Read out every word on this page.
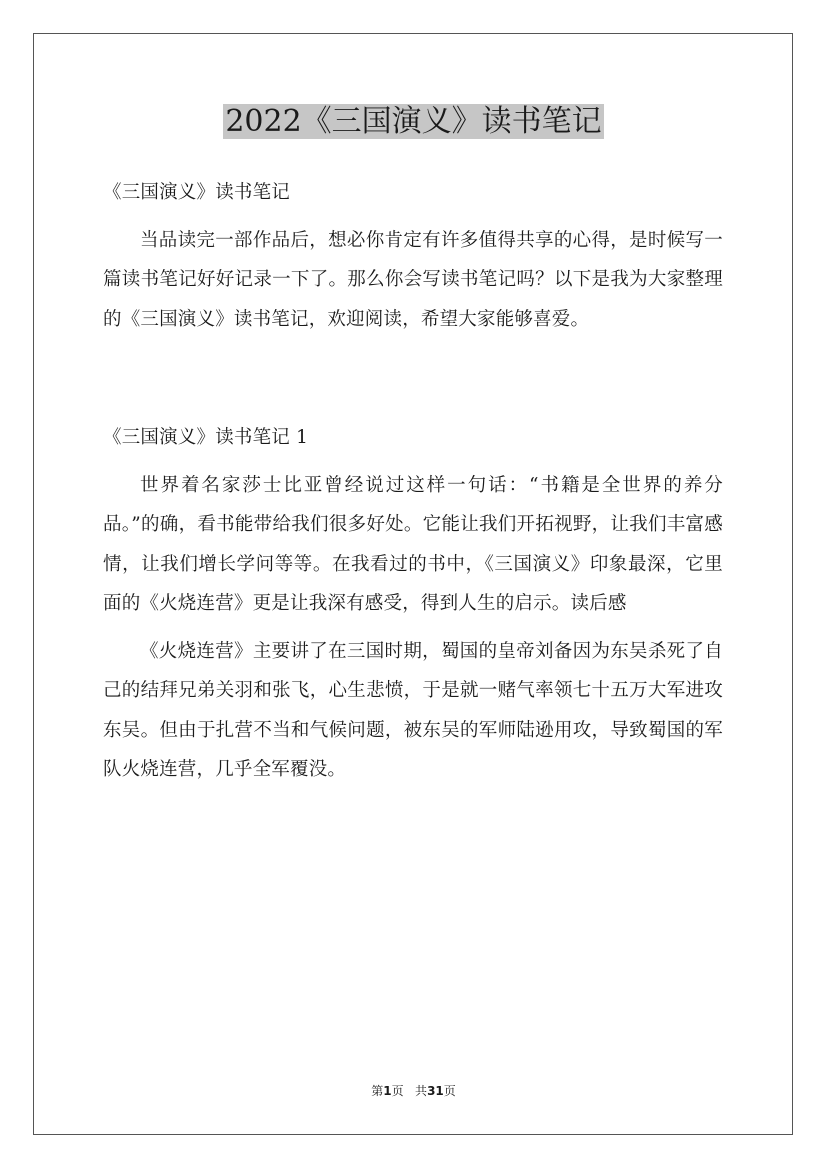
2022《三国演义》读书笔记

《三国演义》读书笔记

当品读完一部作品后，想必你肯定有许多值得共享的心得，是时候写一篇读书笔记好好记录一下了。那么你会写读书笔记吗？以下是我为大家整理的《三国演义》读书笔记，欢迎阅读，希望大家能够喜爱。

《三国演义》读书笔记 1

世界着名家莎士比亚曾经说过这样一句话：“书籍是全世界的养分品。”的确，看书能带给我们很多好处。它能让我们开拓视野，让我们丰富感情，让我们增长学问等等。在我看过的书中，《三国演义》印象最深，它里面的《火烧连营》更是让我深有感受，得到人生的启示。读后感

《火烧连营》主要讲了在三国时期，蜀国的皇帝刘备因为东吴杀死了自己的结拜兄弟关羽和张飞，心生悲愤，于是就一赌气率领七十五万大军进攻东吴。但由于扎营不当和气候问题，被东吴的军师陆逊用攻，导致蜀国的军队火烧连营，几乎全军覆没。

第1页 共31页
